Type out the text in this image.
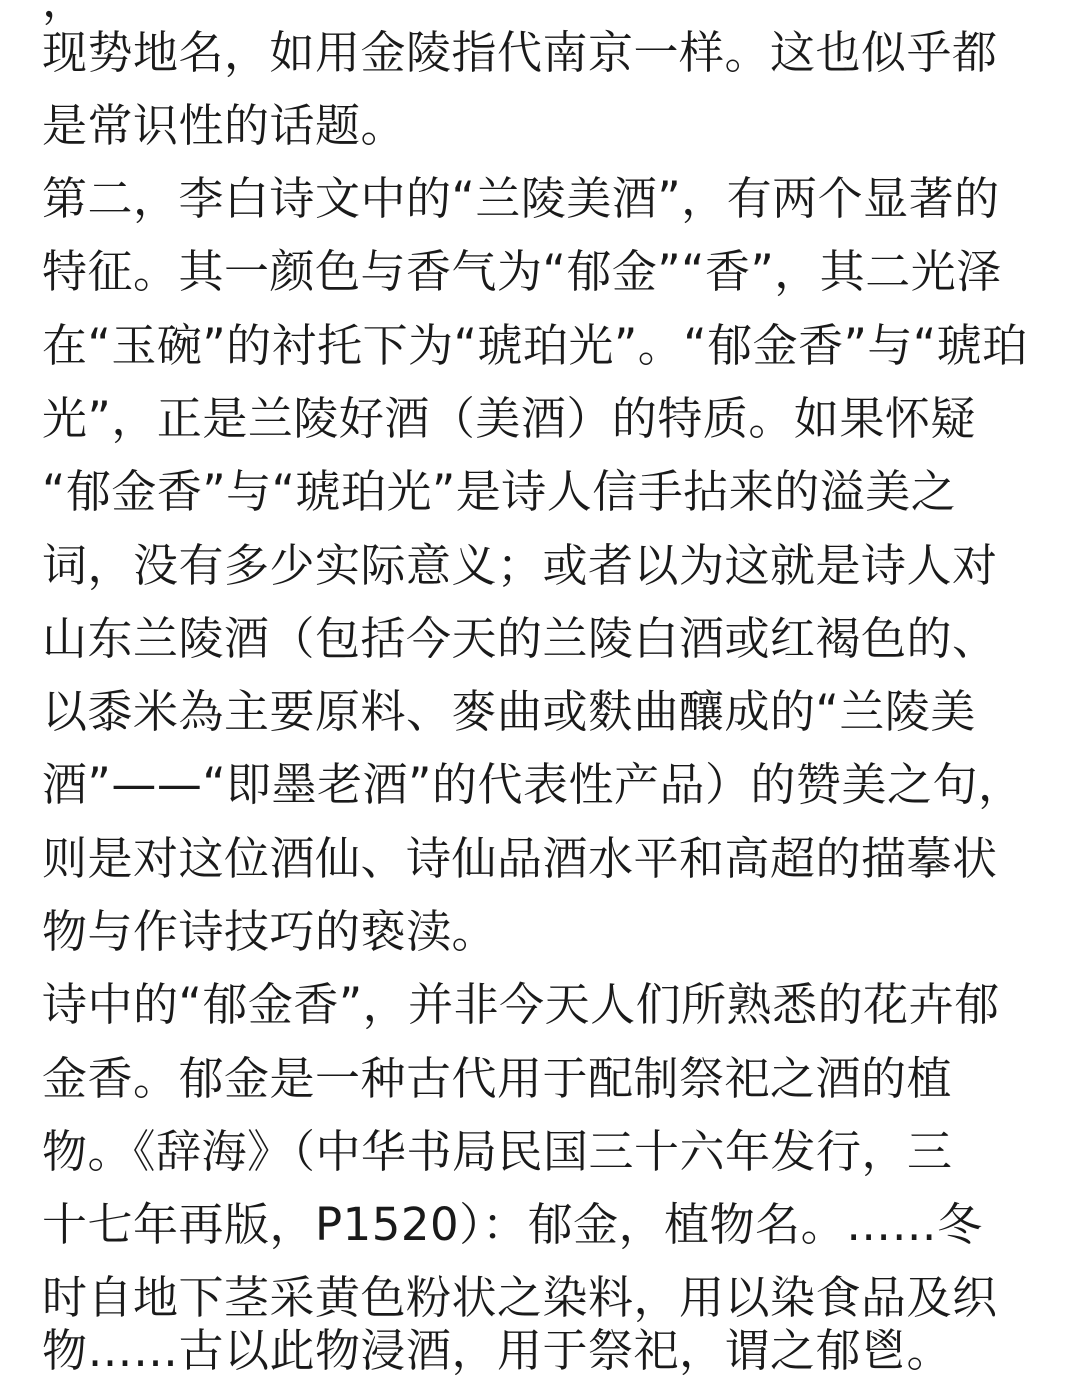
，
现势地名，如用金陵指代南京一样。这也似乎都
是常识性的话题。
第二，李白诗文中的“兰陵美酒”，有两个显著的
特征。其一颜色与香气为“郁金”“香”，其二光泽
在“玉碗”的衬托下为“琥珀光”。“郁金香”与“琥珀
光”，正是兰陵好酒（美酒）的特质。如果怀疑
“郁金香”与“琥珀光”是诗人信手拈来的溢美之
词，没有多少实际意义；或者以为这就是诗人对
山东兰陵酒（包括今天的兰陵白酒或红褐色的、
以黍米為主要原料、麥曲或麩曲釀成的“兰陵美
酒”——“即墨老酒”的代表性产品）的赞美之句，
则是对这位酒仙、诗仙品酒水平和高超的描摹状
物与作诗技巧的亵渎。
诗中的“郁金香”，并非今天人们所熟悉的花卉郁
金香。郁金是一种古代用于配制祭祀之酒的植
物。《辞海》（中华书局民国三十六年发行，三
十七年再版，P1520）：郁金，植物名。……冬
时自地下茎采黄色粉状之染料，用以染食品及织
物……古以此物浸酒，用于祭祀，谓之郁鬯。
